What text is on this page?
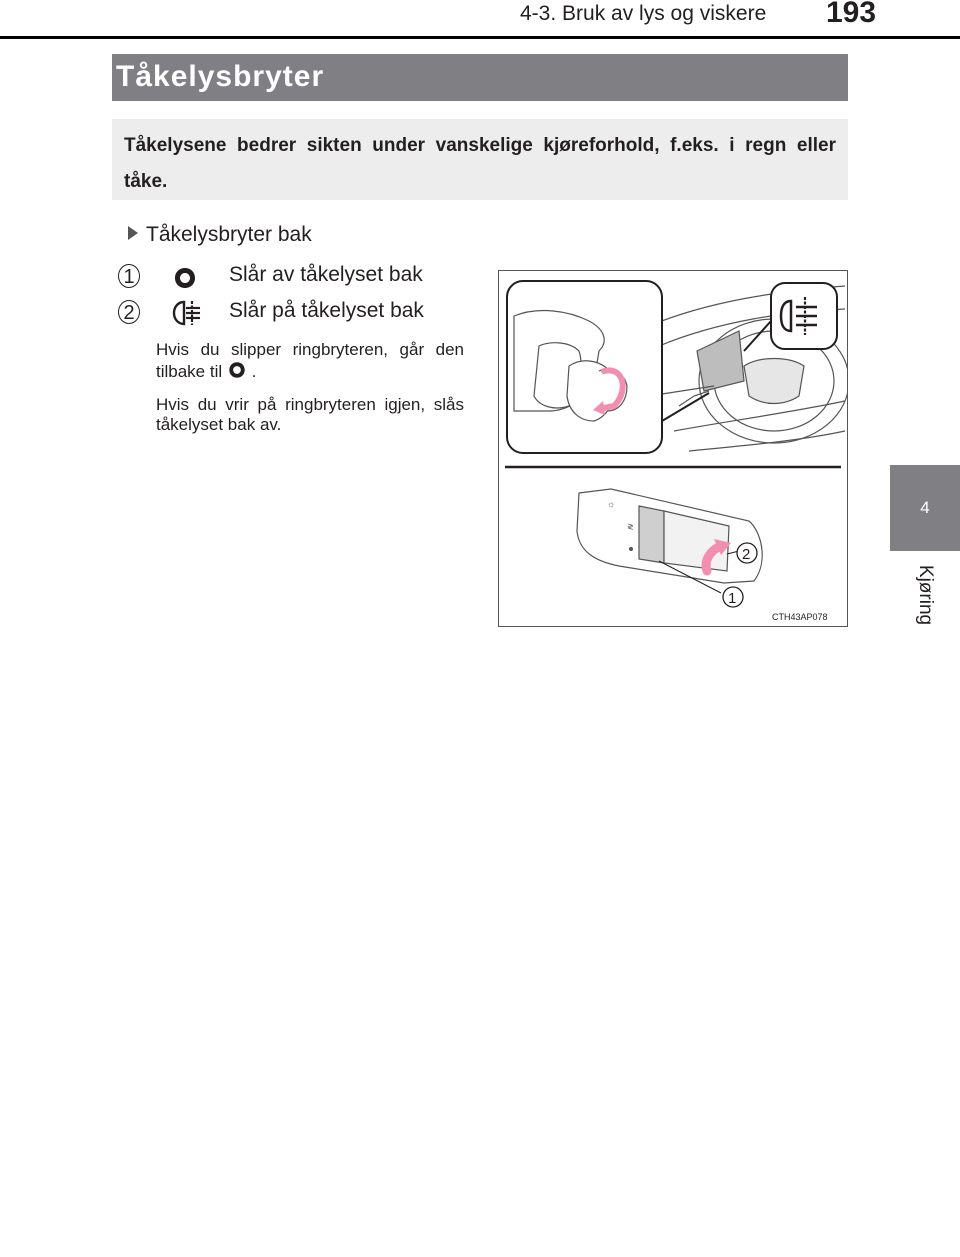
4-3. Bruk av lys og viskere 193
4
Kjøring
Tåkelysbryter
Tåkelysene bedrer sikten under vanskelige kjøreforhold, f.eks. i regn eller tåke.
Tåkelysbryter bak
1	Slår av tåkelyset bak
2	Slår på tåkelyset bak
Hvis du slipper ringbryteren, går den tilbake til .
Hvis du vrir på ringbryteren igjen, slås tåkelyset bak av.
☼
≷
2
1
CTH43AP078
